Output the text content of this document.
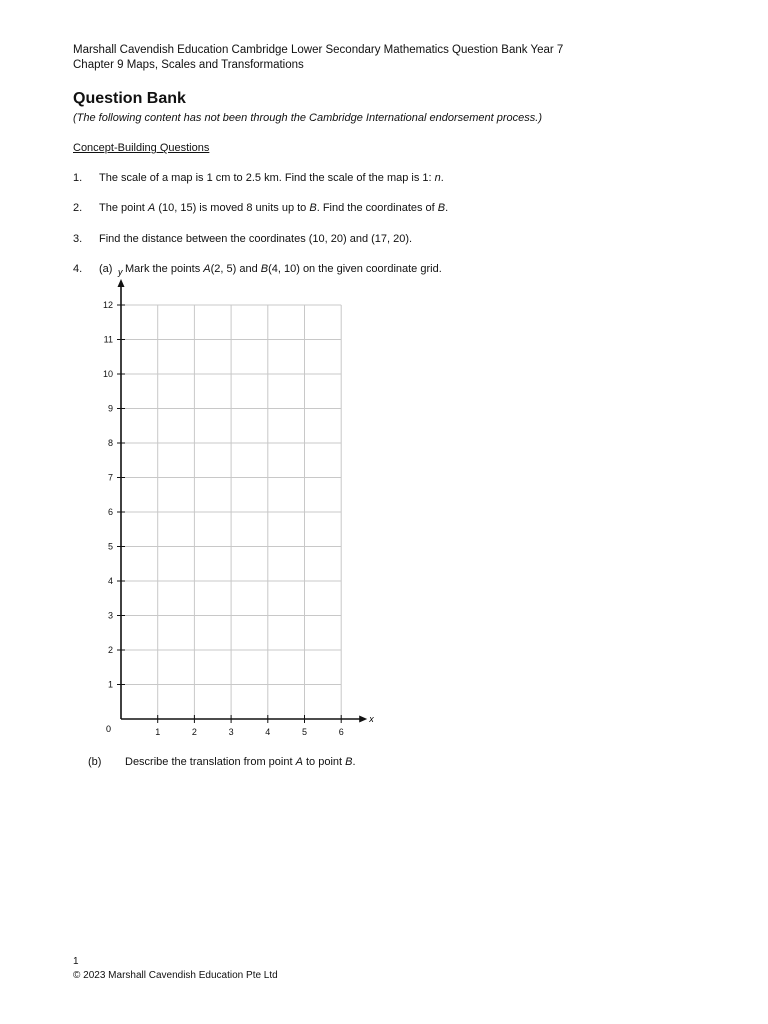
Marshall Cavendish Education Cambridge Lower Secondary Mathematics Question Bank Year 7
Chapter 9 Maps, Scales and Transformations
Question Bank
(The following content has not been through the Cambridge International endorsement process.)
Concept-Building Questions
1. The scale of a map is 1 cm to 2.5 km. Find the scale of the map is 1: n.
2. The point A (10, 15) is moved 8 units up to B. Find the coordinates of B.
3. Find the distance between the coordinates (10, 20) and (17, 20).
4. (a) Mark the points A(2, 5) and B(4, 10) on the given coordinate grid.
1	2	3	4	5	6
1
2
3
4
5
6
7
8
9
10
11
12
x
y
0
(b) Describe the translation from point A to point B.
1
© 2023 Marshall Cavendish Education Pte Ltd
